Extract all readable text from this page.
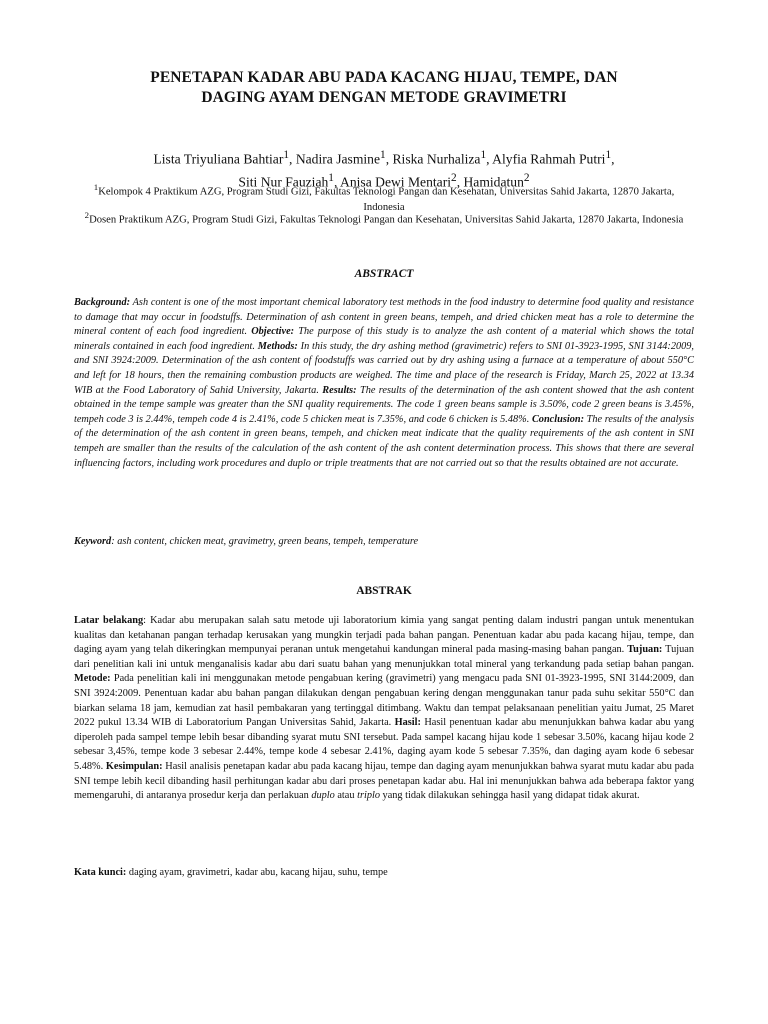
PENETAPAN KADAR ABU PADA KACANG HIJAU, TEMPE, DAN
DAGING AYAM DENGAN METODE GRAVIMETRI
Lista Triyuliana Bahtiar$^1$, Nadira Jasmine$^1$, Riska Nurhaliza$^1$, Alyfia Rahmah Putri$^1$,
Siti Nur Fauziah$^1$, Anisa Dewi Mentari$^2$, Hamidatun$^2$
$^1$Kelompok 4 Praktikum AZG, Program Studi Gizi, Fakultas Teknologi Pangan dan Kesehatan, Universitas Sahid Jakarta, 12870 Jakarta, Indonesia
$^2$Dosen Praktikum AZG, Program Studi Gizi, Fakultas Teknologi Pangan dan Kesehatan, Universitas Sahid Jakarta, 12870 Jakarta, Indonesia
ABSTRACT
Background: Ash content is one of the most important chemical laboratory test methods in the food industry to determine food quality and resistance to damage that may occur in foodstuffs. Determination of ash content in green beans, tempeh, and dried chicken meat has a role to determine the mineral content of each food ingredient. Objective: The purpose of this study is to analyze the ash content of a material which shows the total minerals contained in each food ingredient. Methods: In this study, the dry ashing method (gravimetric) refers to SNI 01-3923-1995, SNI 3144:2009, and SNI 3924:2009. Determination of the ash content of foodstuffs was carried out by dry ashing using a furnace at a temperature of about 550°C and left for 18 hours, then the remaining combustion products are weighed. The time and place of the research is Friday, March 25, 2022 at 13.34 WIB at the Food Laboratory of Sahid University, Jakarta. Results: The results of the determination of the ash content showed that the ash content obtained in the tempe sample was greater than the SNI quality requirements. The code 1 green beans sample is 3.50%, code 2 green beans is 3.45%, tempeh code 3 is 2.44%, tempeh code 4 is 2.41%, code 5 chicken meat is 7.35%, and code 6 chicken is 5.48%. Conclusion: The results of the analysis of the determination of the ash content in green beans, tempeh, and chicken meat indicate that the quality requirements of the ash content in SNI tempeh are smaller than the results of the calculation of the ash content of the ash content determination process. This shows that there are several influencing factors, including work procedures and duplo or triple treatments that are not carried out so that the results obtained are not accurate.
Keyword: ash content, chicken meat, gravimetry, green beans, tempeh, temperature
ABSTRAK
Latar belakang: Kadar abu merupakan salah satu metode uji laboratorium kimia yang sangat penting dalam industri pangan untuk menentukan kualitas dan ketahanan pangan terhadap kerusakan yang mungkin terjadi pada bahan pangan. Penentuan kadar abu pada kacang hijau, tempe, dan daging ayam yang telah dikeringkan mempunyai peranan untuk mengetahui kandungan mineral pada masing-masing bahan pangan. Tujuan: Tujuan dari penelitian kali ini untuk menganalisis kadar abu dari suatu bahan yang menunjukkan total mineral yang terkandung pada setiap bahan pangan. Metode: Pada penelitian kali ini menggunakan metode pengabuan kering (gravimetri) yang mengacu pada SNI 01-3923-1995, SNI 3144:2009, dan SNI 3924:2009. Penentuan kadar abu bahan pangan dilakukan dengan pengabuan kering dengan menggunakan tanur pada suhu sekitar 550°C dan biarkan selama 18 jam, kemudian zat hasil pembakaran yang tertinggal ditimbang. Waktu dan tempat pelaksanaan penelitian yaitu Jumat, 25 Maret 2022 pukul 13.34 WIB di Laboratorium Pangan Universitas Sahid, Jakarta. Hasil: Hasil penentuan kadar abu menunjukkan bahwa kadar abu yang diperoleh pada sampel tempe lebih besar dibanding syarat mutu SNI tersebut. Pada sampel kacang hijau kode 1 sebesar 3.50%, kacang hijau kode 2 sebesar 3,45%, tempe kode 3 sebesar 2.44%, tempe kode 4 sebesar 2.41%, daging ayam kode 5 sebesar 7.35%, dan daging ayam kode 6 sebesar 5.48%. Kesimpulan: Hasil analisis penetapan kadar abu pada kacang hijau, tempe dan daging ayam menunjukkan bahwa syarat mutu kadar abu pada SNI tempe lebih kecil dibanding hasil perhitungan kadar abu dari proses penetapan kadar abu. Hal ini menunjukkan bahwa ada beberapa faktor yang memengaruhi, di antaranya prosedur kerja dan perlakuan duplo atau triplo yang tidak dilakukan sehingga hasil yang didapat tidak akurat.
Kata kunci: daging ayam, gravimetri, kadar abu, kacang hijau, suhu, tempe
